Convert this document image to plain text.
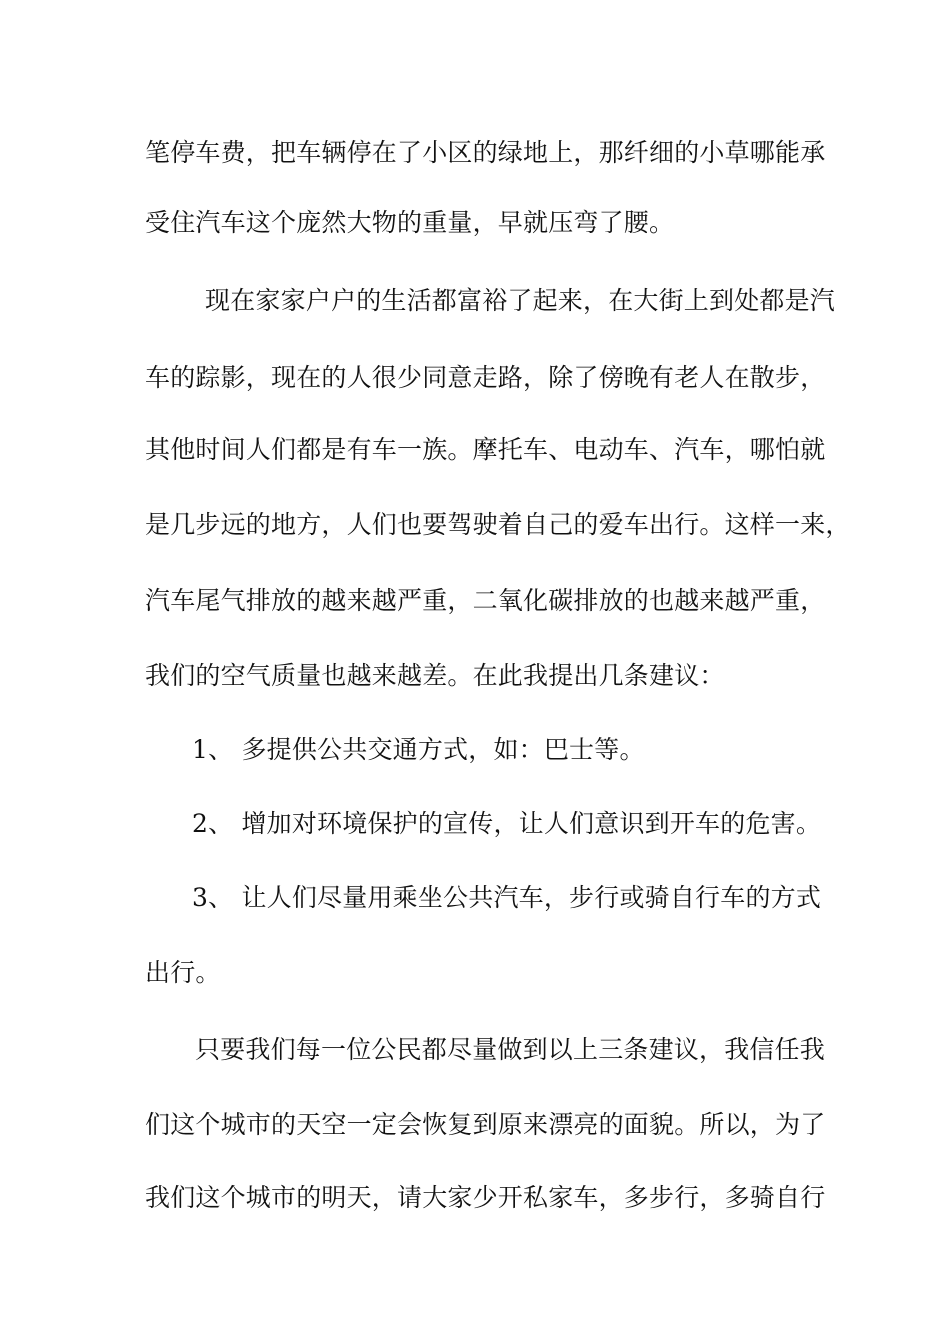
笔停车费，把车辆停在了小区的绿地上，那纤细的小草哪能承
受住汽车这个庞然大物的重量，早就压弯了腰。
现在家家户户的生活都富裕了起来，在大街上到处都是汽
车的踪影，现在的人很少同意走路，除了傍晚有老人在散步，
其他时间人们都是有车一族。摩托车、电动车、汽车，哪怕就
是几步远的地方，人们也要驾驶着自己的爱车出行。这样一来，
汽车尾气排放的越来越严重，二氧化碳排放的也越来越严重，
我们的空气质量也越来越差。在此我提出几条建议：
1、 多提供公共交通方式，如：巴士等。
2、 增加对环境保护的宣传，让人们意识到开车的危害。
3、 让人们尽量用乘坐公共汽车，步行或骑自行车的方式
出行。
只要我们每一位公民都尽量做到以上三条建议，我信任我
们这个城市的天空一定会恢复到原来漂亮的面貌。所以，为了
我们这个城市的明天，请大家少开私家车，多步行，多骑自行
